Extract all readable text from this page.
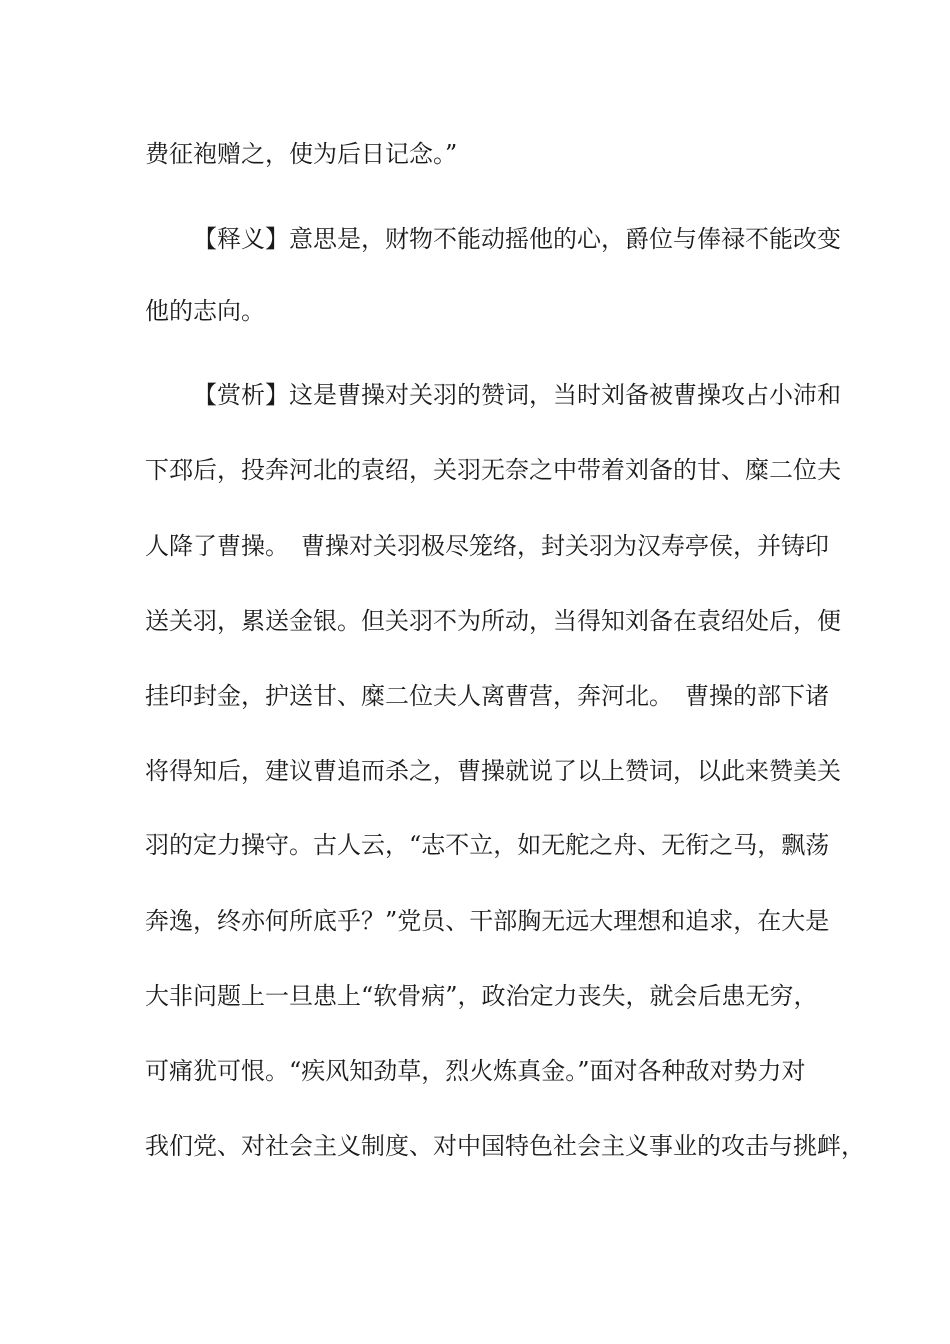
费征袍赠之，使为后日记念。”
【释义】意思是，财物不能动摇他的心，爵位与俸禄不能改变
他的志向。
【赏析】这是曹操对关羽的赞词，当时刘备被曹操攻占小沛和
下邳后，投奔河北的袁绍，关羽无奈之中带着刘备的甘、糜二位夫
人降了曹操。　曹操对关羽极尽笼络，封关羽为汉寿亭侯，并铸印
送关羽，累送金银。但关羽不为所动，当得知刘备在袁绍处后，便
挂印封金，护送甘、糜二位夫人离曹营，奔河北。　曹操的部下诸
将得知后，建议曹追而杀之，曹操就说了以上赞词，以此来赞美关
羽的定力操守。古人云，“志不立，如无舵之舟、无衔之马，飘荡
奔逸，终亦何所底乎？”党员、干部胸无远大理想和追求，在大是
大非问题上一旦患上“软骨病”，政治定力丧失，就会后患无穷，
可痛犹可恨。“疾风知劲草，烈火炼真金。”面对各种敌对势力对
我们党、对社会主义制度、对中国特色社会主义事业的攻击与挑衅，
